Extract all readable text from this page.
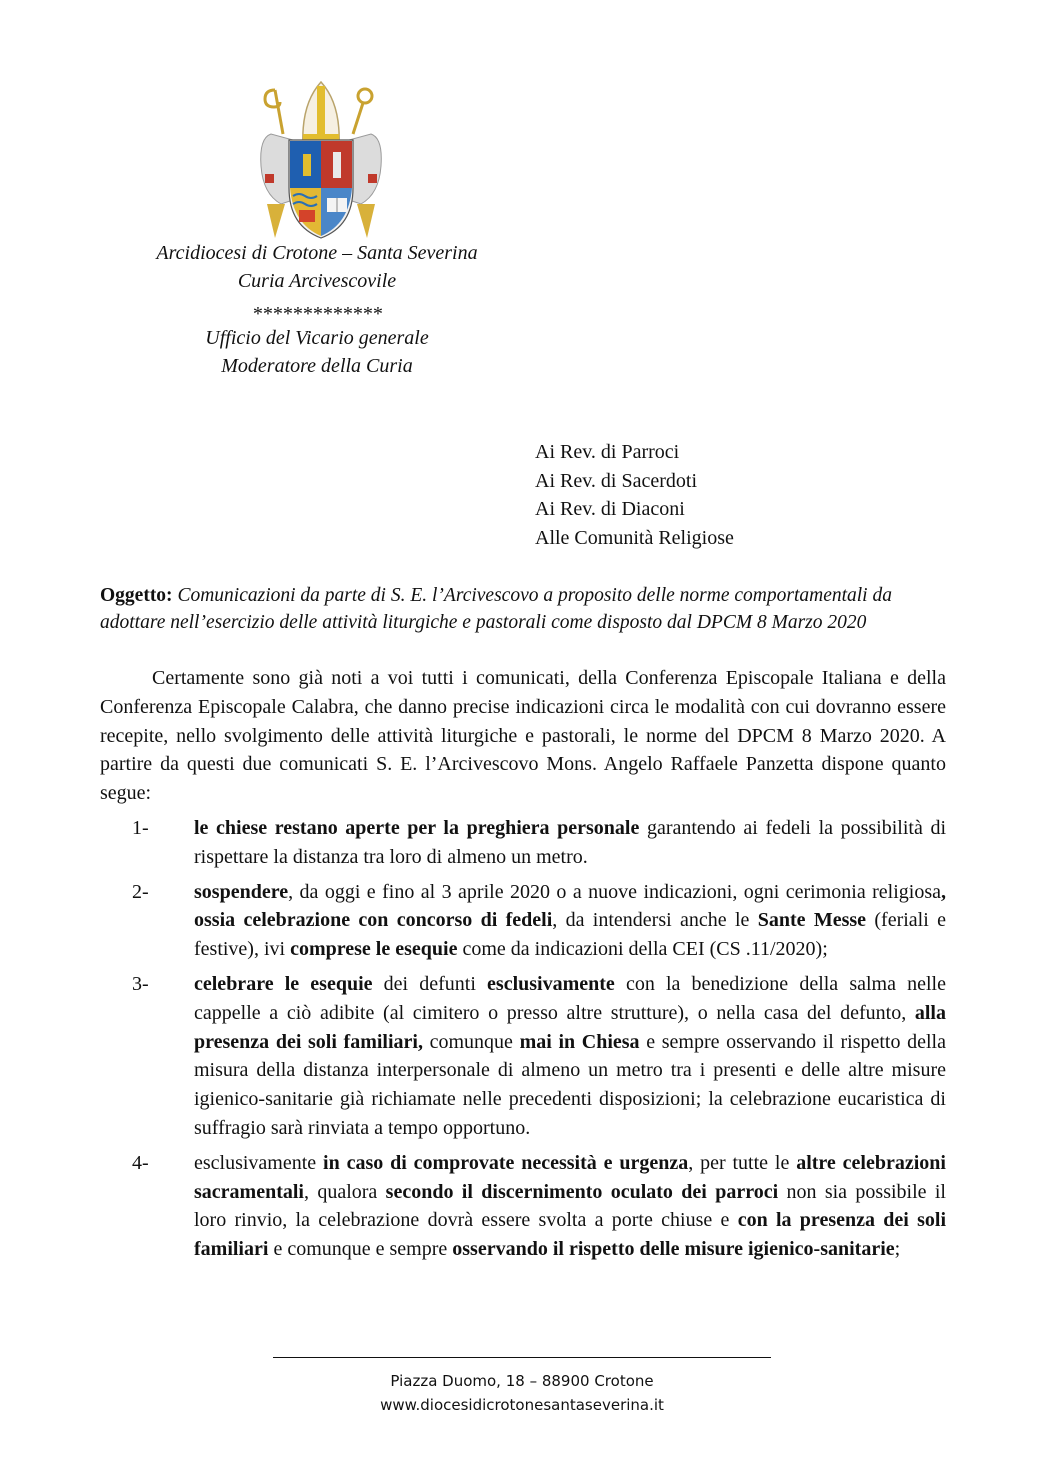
Arcidiocesi di Crotone – Santa Severina
Curia Arcivescovile
*************
Ufficio del Vicario generale
Moderatore della Curia
Ai Rev. di Parroci
Ai Rev. di Sacerdoti
Ai Rev. di Diaconi
Alle Comunità Religiose
Oggetto: Comunicazioni da parte di S. E. l’Arcivescovo a proposito delle norme comportamentali da adottare nell’esercizio delle attività liturgiche e pastorali come disposto dal DPCM 8 Marzo 2020

Certamente sono già noti a voi tutti i comunicati, della Conferenza Episcopale Italiana e della Conferenza Episcopale Calabra, che danno precise indicazioni circa le modalità con cui dovranno essere recepite, nello svolgimento delle attività liturgiche e pastorali, le norme del DPCM 8 Marzo 2020. A partire da questi due comunicati S. E. l’Arcivescovo Mons. Angelo Raffaele Panzetta dispone quanto segue:

1- le chiese restano aperte per la preghiera personale garantendo ai fedeli la possibilità di rispettare la distanza tra loro di almeno un metro.
2- sospendere, da oggi e fino al 3 aprile 2020 o a nuove indicazioni, ogni cerimonia religiosa, ossia celebrazione con concorso di fedeli, da intendersi anche le Sante Messe (feriali e festive), ivi comprese le esequie come da indicazioni della CEI (CS .11/2020);
3- celebrare le esequie dei defunti esclusivamente con la benedizione della salma nelle cappelle a ciò adibite (al cimitero o presso altre strutture), o nella casa del defunto, alla presenza dei soli familiari, comunque mai in Chiesa e sempre osservando il rispetto della misura della distanza interpersonale di almeno un metro tra i presenti e delle altre misure igienico-sanitarie già richiamate nelle precedenti disposizioni; la celebrazione eucaristica di suffragio sarà rinviata a tempo opportuno.
4- esclusivamente in caso di comprovate necessità e urgenza, per tutte le altre celebrazioni sacramentali, qualora secondo il discernimento oculato dei parroci non sia possibile il loro rinvio, la celebrazione dovrà essere svolta a porte chiuse e con la presenza dei soli familiari e comunque e sempre osservando il rispetto delle misure igienico-sanitarie;
Piazza Duomo, 18 – 88900 Crotone
www.diocesidicrotonesantaseverina.it
